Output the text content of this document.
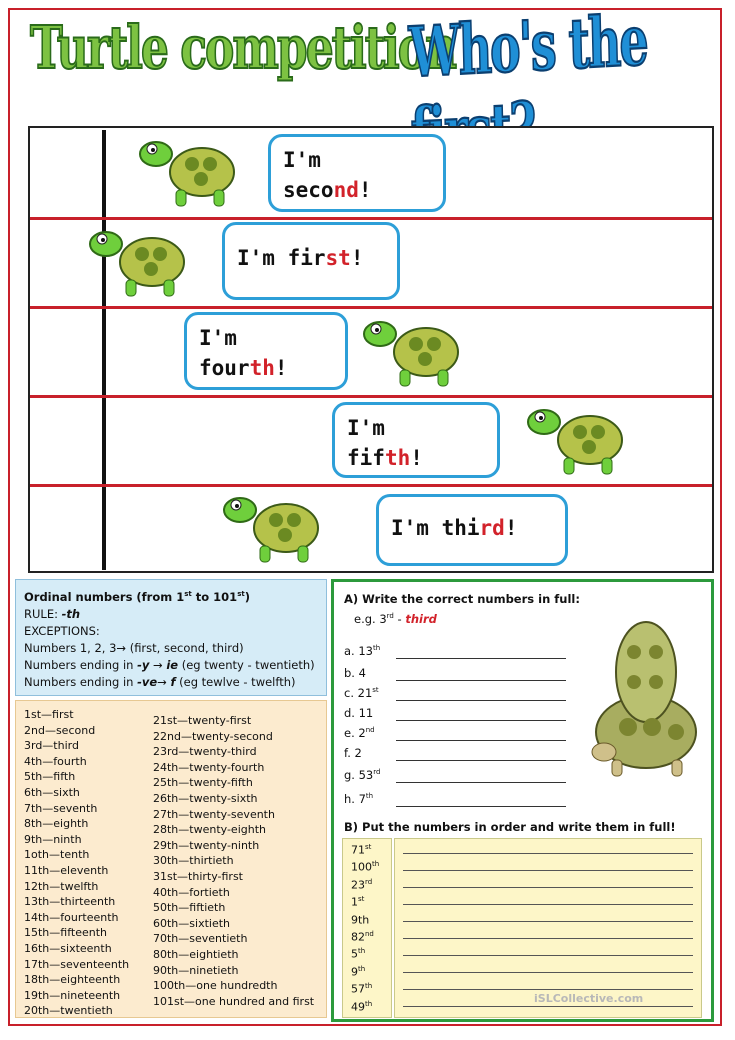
Turtle competition
Who's the
I'm
second!
I'm first!
I'm
fourth!
I'm
fifth!
I'm third!
Ordinal numbers (from 1st to 101st)
RULE: -th
EXCEPTIONS:
Numbers 1, 2, 3→ (first, second, third)
Numbers ending in -y → ie (eg twenty - twentieth)
Numbers ending in -ve→ f (eg tewlve - twelfth)
1st—first
2nd—second
3rd—third
4th—fourth
5th—fifth
6th—sixth
7th—seventh
8th—eighth
9th—ninth
1oth—tenth
11th—eleventh
12th—twelfth
13th—thirteenth
14th—fourteenth
15th—fifteenth
16th—sixteenth
17th—seventeenth
18th—eighteenth
19th—nineteenth
20th—twentieth
21st—twenty-first
22nd—twenty-second
23rd—twenty-third
24th—twenty-fourth
25th—twenty-fifth
26th—twenty-sixth
27th—twenty-seventh
28th—twenty-eighth
29th—twenty-ninth
30th—thirtieth
31st—thirty-first
40th—fortieth
50th—fiftieth
60th—sixtieth
70th—seventieth
80th—eightieth
90th—ninetieth
100th—one hundredth
101st—one hundred and first
A) Write the correct numbers in full:
e.g. 3rd - third
a. 13th
b. 4
c. 21st
d. 11
e. 2nd
f. 2
g. 53rd
h. 7th
B) Put the numbers in order and write them in full!
71st
100th
23rd
1st
9th
82nd
5th
9th
57th
49th	iSLCollective.com
